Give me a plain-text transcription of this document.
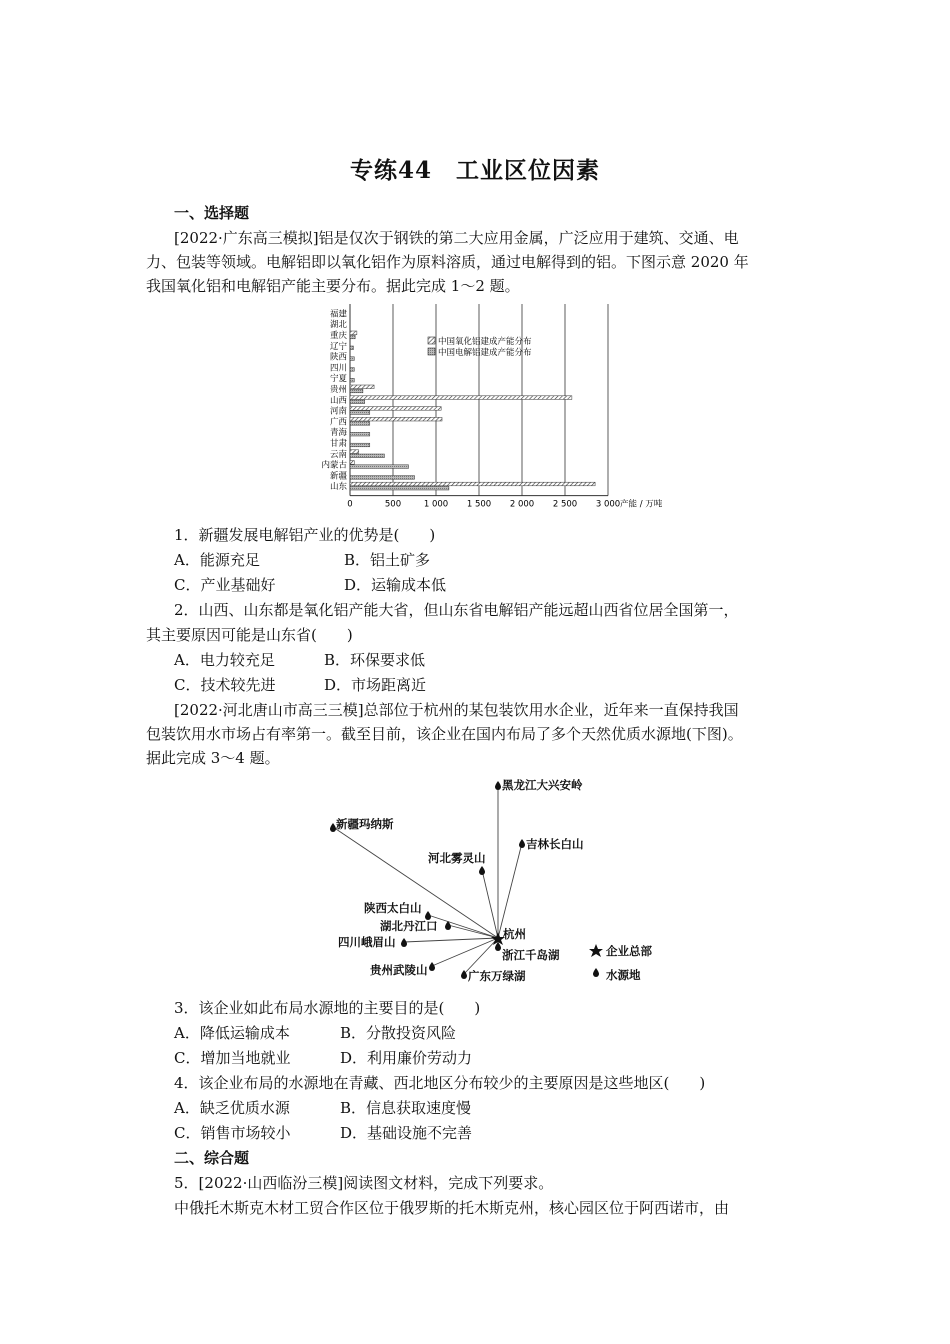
专练44　工业区位因素
一、选择题
[2022·广东高三模拟]铝是仅次于钢铁的第二大应用金属，广泛应用于建筑、交通、电
力、包装等领域。电解铝即以氧化铝作为原料溶质，通过电解得到的铝。下图示意 2020 年
我国氧化铝和电解铝产能主要分布。据此完成 1～2 题。
0	500	1 000 1 500 2 000 2 500 3 000 产能 / 万吨
福建
湖北
重庆
辽宁
陕西
四川
宁夏
贵州
山西
河南
广西
青海
甘肃
云南
内蒙古
新疆
山东
中国氧化铝建成产能分布
中国电解铝建成产能分布
1．新疆发展电解铝产业的优势是(　　)
A．能源充足	B．铝土矿多
C．产业基础好	D．运输成本低
2．山西、山东都是氧化铝产能大省，但山东省电解铝产能远超山西省位居全国第一，
其主要原因可能是山东省(　　)
A．电力较充足	B．环保要求低
C．技术较先进	D．市场距离近
[2022·河北唐山市高三三模]总部位于杭州的某包装饮用水企业，近年来一直保持我国
包装饮用水市场占有率第一。截至目前，该企业在国内布局了多个天然优质水源地(下图)。
据此完成 3～4 题。
黑龙江大兴安岭
新疆玛纳斯
吉林长白山
河北雾灵山
陕西太白山
湖北丹江口
四川峨眉山
浙江千岛湖
贵州武陵山	广东万绿湖
杭州
企业总部
水源地
3．该企业如此布局水源地的主要目的是(　　)
A．降低运输成本	B．分散投资风险
C．增加当地就业	D．利用廉价劳动力
4．该企业布局的水源地在青藏、西北地区分布较少的主要原因是这些地区(　　)
A．缺乏优质水源	B．信息获取速度慢
C．销售市场较小	D．基础设施不完善
二、综合题
5．[2022·山西临汾三模]阅读图文材料，完成下列要求。
中俄托木斯克木材工贸合作区位于俄罗斯的托木斯克州，核心园区位于阿西诺市，由
